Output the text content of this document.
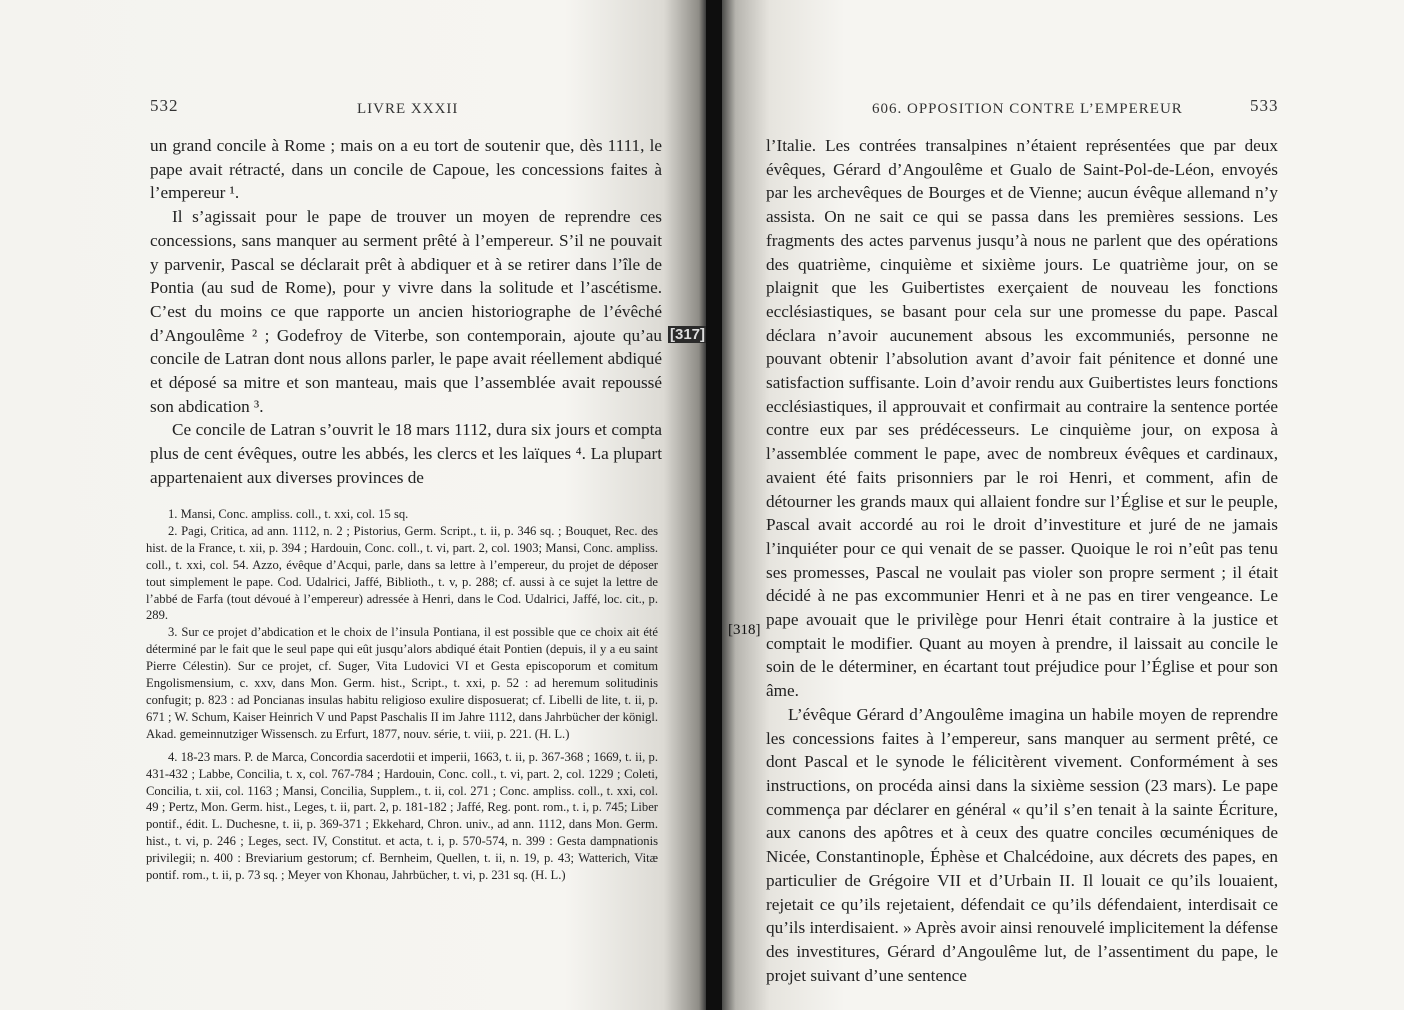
532	LIVRE XXXII

un grand concile à Rome ; mais on a eu tort de soutenir que, dès 1111, le pape avait rétracté, dans un concile de Capoue, les concessions faites à l’empereur ¹.

Il s’agissait pour le pape de trouver un moyen de reprendre ces concessions, sans manquer au serment prêté à l’empereur. S’il ne pouvait y parvenir, Pascal se déclarait prêt à abdiquer et à se retirer dans l’île de Pontia (au sud de Rome), pour y vivre dans la solitude et l’ascétisme. C’est du moins ce que rapporte un ancien historiographe de l’évêché d’Angoulême ² ; Godefroy de Viterbe, son contemporain, ajoute qu’au concile de Latran dont nous allons parler, le pape avait réellement abdiqué et déposé sa mitre et son manteau, mais que l’assemblée avait repoussé son abdication ³.

Ce concile de Latran s’ouvrit le 18 mars 1112, dura six jours et compta plus de cent évêques, outre les abbés, les clercs et les laïques ⁴. La plupart appartenaient aux diverses provinces de

1. Mansi, Conc. ampliss. coll., t. xxi, col. 15 sq.

2. Pagi, Critica, ad ann. 1112, n. 2 ; Pistorius, Germ. Script., t. ii, p. 346 sq. ; Bouquet, Rec. des hist. de la France, t. xii, p. 394 ; Hardouin, Conc. coll., t. vi, part. 2, col. 1903; Mansi, Conc. ampliss. coll., t. xxi, col. 54. Azzo, évêque d’Acqui, parle, dans sa lettre à l’empereur, du projet de déposer tout simplement le pape. Cod. Udalrici, Jaffé, Biblioth., t. v, p. 288; cf. aussi à ce sujet la lettre de l’abbé de Farfa (tout dévoué à l’empereur) adressée à Henri, dans le Cod. Udalrici, Jaffé, loc. cit., p. 289.

3. Sur ce projet d’abdication et le choix de l’insula Pontiana, il est possible que ce choix ait été déterminé par le fait que le seul pape qui eût jusqu’alors abdiqué était Pontien (depuis, il y a eu saint Pierre Célestin). Sur ce projet, cf. Suger, Vita Ludovici VI et Gesta episcoporum et comitum Engolismensium, c. xxv, dans Mon. Germ. hist., Script., t. xxi, p. 52 : ad heremum solitudinis confugit; p. 823 : ad Poncianas insulas habitu religioso exulire disposuerat; cf. Libelli de lite, t. ii, p. 671 ; W. Schum, Kaiser Heinrich V und Papst Paschalis II im Jahre 1112, dans Jahrbücher der königl. Akad. gemeinnutziger Wissensch. zu Erfurt, 1877, nouv. série, t. viii, p. 221. (H. L.)

4. 18-23 mars. P. de Marca, Concordia sacerdotii et imperii, 1663, t. ii, p. 367-368 ; 1669, t. ii, p. 431-432 ; Labbe, Concilia, t. x, col. 767-784 ; Hardouin, Conc. coll., t. vi, part. 2, col. 1229 ; Coleti, Concilia, t. xii, col. 1163 ; Mansi, Concilia, Supplem., t. ii, col. 271 ; Conc. ampliss. coll., t. xxi, col. 49 ; Pertz, Mon. Germ. hist., Leges, t. ii, part. 2, p. 181-182 ; Jaffé, Reg. pont. rom., t. i, p. 745; Liber pontif., édit. L. Duchesne, t. ii, p. 369-371 ; Ekkehard, Chron. univ., ad ann. 1112, dans Mon. Germ. hist., t. vi, p. 246 ; Leges, sect. IV, Constitut. et acta, t. i, p. 570-574, n. 399 : Gesta dampnationis privilegii; n. 400 : Breviarium gestorum; cf. Bernheim, Quellen, t. ii, n. 19, p. 43; Watterich, Vitæ pontif. rom., t. ii, p. 73 sq. ; Meyer von Khonau, Jahrbücher, t. vi, p. 231 sq. (H. L.)

[317]
606. OPPOSITION CONTRE L’EMPEREUR	533
[318]

l’Italie. Les contrées transalpines n’étaient représentées que par deux évêques, Gérard d’Angoulême et Gualo de Saint-Pol-de-Léon, envoyés par les archevêques de Bourges et de Vienne; aucun évêque allemand n’y assista. On ne sait ce qui se passa dans les premières sessions. Les fragments des actes parvenus jusqu’à nous ne parlent que des opérations des quatrième, cinquième et sixième jours. Le quatrième jour, on se plaignit que les Guibertistes exerçaient de nouveau les fonctions ecclésiastiques, se basant pour cela sur une promesse du pape. Pascal déclara n’avoir aucunement absous les excommuniés, personne ne pouvant obtenir l’absolution avant d’avoir fait pénitence et donné une satisfaction suffisante. Loin d’avoir rendu aux Guibertistes leurs fonctions ecclésiastiques, il approuvait et confirmait au contraire la sentence portée contre eux par ses prédécesseurs. Le cinquième jour, on exposa à l’assemblée comment le pape, avec de nombreux évêques et cardinaux, avaient été faits prisonniers par le roi Henri, et comment, afin de détourner les grands maux qui allaient fondre sur l’Église et sur le peuple, Pascal avait accordé au roi le droit d’investiture et juré de ne jamais l’inquiéter pour ce qui venait de se passer. Quoique le roi n’eût pas tenu ses promesses, Pascal ne voulait pas violer son propre serment ; il était décidé à ne pas excommunier Henri et à ne pas en tirer vengeance. Le pape avouait que le privilège pour Henri était contraire à la justice et comptait le modifier. Quant au moyen à prendre, il laissait au concile le soin de le déterminer, en écartant tout préjudice pour l’Église et pour son âme.

L’évêque Gérard d’Angoulême imagina un habile moyen de reprendre les concessions faites à l’empereur, sans manquer au serment prêté, ce dont Pascal et le synode le félicitèrent vivement. Conformément à ses instructions, on procéda ainsi dans la sixième session (23 mars). Le pape commença par déclarer en général « qu’il s’en tenait à la sainte Écriture, aux canons des apôtres et à ceux des quatre conciles œcuméniques de Nicée, Constantinople, Éphèse et Chalcédoine, aux décrets des papes, en particulier de Grégoire VII et d’Urbain II. Il louait ce qu’ils louaient, rejetait ce qu’ils rejetaient, défendait ce qu’ils défendaient, interdisait ce qu’ils interdisaient. » Après avoir ainsi renouvelé implicitement la défense des investitures, Gérard d’Angoulême lut, de l’assentiment du pape, le projet suivant d’une sentence
